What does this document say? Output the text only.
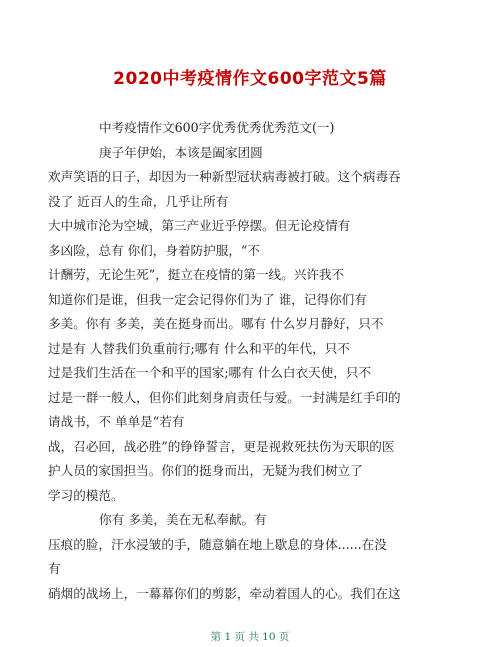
2020中考疫情作文600字范文5篇
中考疫情作文600字优秀优秀优秀范文(一)
庚子年伊始，本该是阖家团圆
欢声笑语的日子，却因为一种新型冠状病毒被打破。这个病毒吞
没了 近百人的生命，几乎让所有
大中城市沦为空城，第三产业近乎停摆。但无论疫情有
多凶险，总有 你们，身着防护服，“不
计酬劳，无论生死”，挺立在疫情的第一线。兴许我不
知道你们是谁，但我一定会记得你们为了 谁，记得你们有
多美。你有 多美，美在挺身而出。哪有 什么岁月静好，只不
过是有 人替我们负重前行;哪有 什么和平的年代，只不
过是我们生活在一个和平的国家;哪有 什么白衣天使，只不
过是一群一般人，但你们此刻身肩责任与爱。一封满是红手印的
请战书，不 单单是“若有
战，召必回，战必胜”的铮铮誓言，更是视救死扶伤为天职的医
护人员的家国担当。你们的挺身而出，无疑为我们树立了
学习的模范。
你有 多美，美在无私奉献。有
压痕的脸，汗水浸皱的手，随意躺在地上歇息的身体......在没
有
硝烟的战场上，一幕幕你们的剪影，牵动着国人的心。我们在这
第 1 页 共 10 页
